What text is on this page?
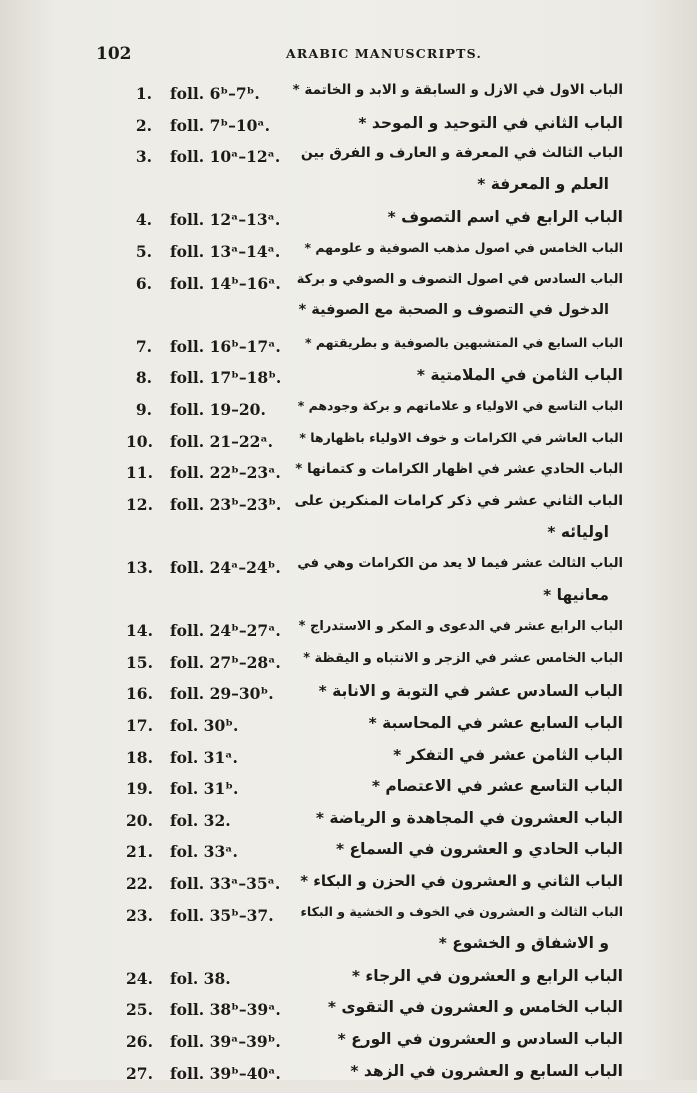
102	ARABIC MANUSCRIPTS.
1. foll. 6ᵇ–7ᵇ. الباب الاول في الازل و السابقة و الابد و الخاتمة *
2. foll. 7ᵇ–10ᵃ.	الباب الثاني في التوحيد و الموحد *
3. foll. 10ᵃ–12ᵃ. الباب الثالث في المعرفة و العارف و الفرق بين
العلم و المعرفة *
4. foll. 12ᵃ–13ᵃ.	الباب الرابع في اسم التصوف *
5. foll. 13ᵃ–14ᵃ. الباب الخامس في اصول مذهب الصوفية و علومهم *
6. foll. 14ᵇ–16ᵃ. الباب السادس في اصول التصوف و الصوفي و بركة
الدخول في التصوف و الصحبة مع الصوفية *
7. foll. 16ᵇ–17ᵃ. الباب السابع في المتشبهين بالصوفية و بطريقتهم *
8. foll. 17ᵇ–18ᵇ.	الباب الثامن في الملامتية *
9. foll. 19–20.	الباب التاسع في الاولياء و علاماتهم و بركة وجودهم *
10. foll. 21–22ᵃ. الباب العاشر في الكرامات و خوف الاولياء باظهارها *
11. foll. 22ᵇ–23ᵃ. الباب الحادي عشر في اظهار الكرامات و كتمانها *
12. foll. 23ᵇ–23ᵇ. الباب الثاني عشر في ذكر كرامات المنكرين على
اوليائه *
13. foll. 24ᵃ–24ᵇ. الباب الثالث عشر فيما لا يعد من الكرامات وهي في
معانيها *
14. foll. 24ᵇ–27ᵃ. الباب الرابع عشر في الدعوى و المكر و الاستدراج *
15. foll. 27ᵇ–28ᵃ. الباب الخامس عشر في الزجر و الانتباه و اليقظة *
16. foll. 29–30ᵇ.	الباب السادس عشر في التوبة و الانابة *
17. fol. 30ᵇ.	الباب السابع عشر في المحاسبة *
18. fol. 31ᵃ.	الباب الثامن عشر في التفكر *
19. fol. 31ᵇ.	الباب التاسع عشر في الاعتصام *
20. fol. 32.	الباب العشرون في المجاهدة و الرياضة *
21. fol. 33ᵃ.	الباب الحادي و العشرون في السماع *
22. foll. 33ᵃ–35ᵃ. الباب الثاني و العشرون في الحزن و البكاء *
23. foll. 35ᵇ–37. الباب الثالث و العشرون في الخوف و الخشية و البكاء
و الاشفاق و الخشوع *
24. fol. 38.	الباب الرابع و العشرون في الرجاء *
25. foll. 38ᵇ–39ᵃ.	الباب الخامس و العشرون في التقوى *
26. foll. 39ᵃ–39ᵇ.	الباب السادس و العشرون في الورع *
27. foll. 39ᵇ–40ᵃ.	الباب السابع و العشرون في الزهد *
